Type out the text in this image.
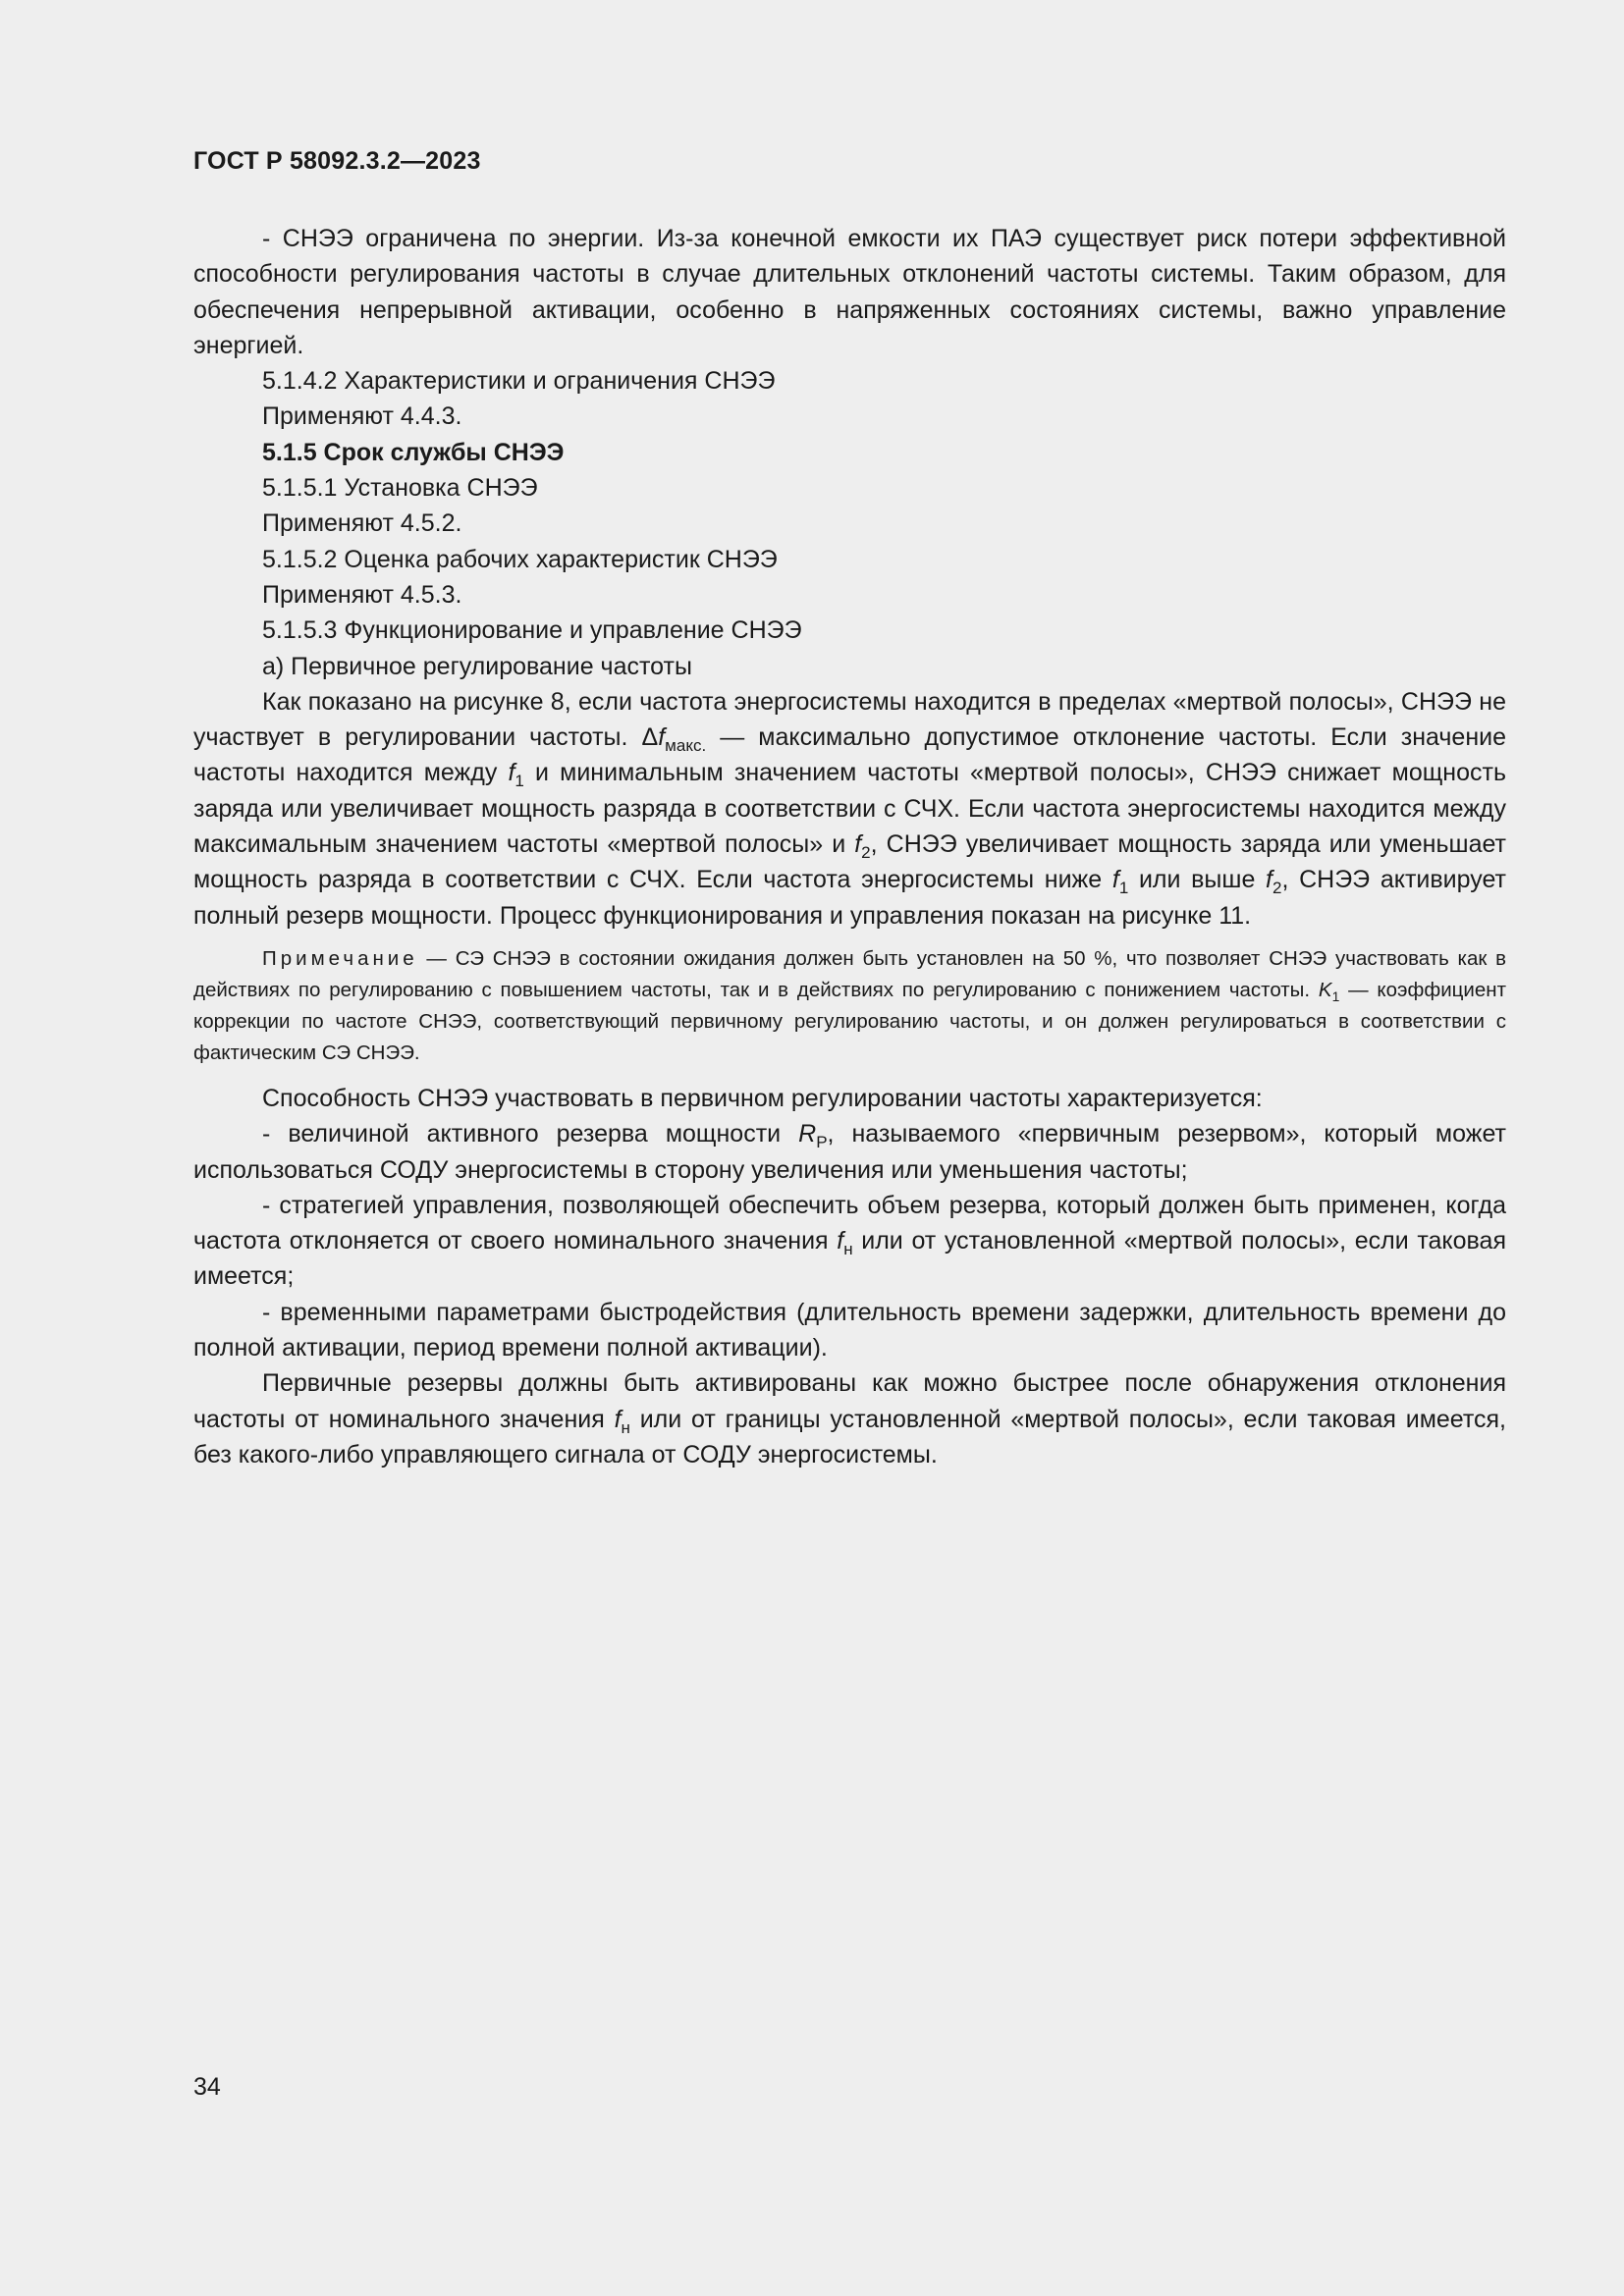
ГОСТ Р 58092.3.2—2023

- СНЭЭ ограничена по энергии. Из-за конечной емкости их ПАЭ существует риск потери эффективной способности регулирования частоты в случае длительных отклонений частоты системы. Таким образом, для обеспечения непрерывной активации, особенно в напряженных состояниях системы, важно управление энергией.

5.1.4.2 Характеристики и ограничения СНЭЭ

Применяют 4.4.3.

5.1.5 Срок службы СНЭЭ

5.1.5.1 Установка СНЭЭ

Применяют 4.5.2.

5.1.5.2 Оценка рабочих характеристик СНЭЭ

Применяют 4.5.3.

5.1.5.3 Функционирование и управление СНЭЭ

а) Первичное регулирование частоты

Как показано на рисунке 8, если частота энергосистемы находится в пределах «мертвой полосы», СНЭЭ не участвует в регулировании частоты. $\Delta f_{макс.}$ — максимально допустимое отклонение частоты. Если значение частоты находится между $f_1$ и минимальным значением частоты «мертвой полосы», СНЭЭ снижает мощность заряда или увеличивает мощность разряда в соответствии с СЧХ. Если частота энергосистемы находится между максимальным значением частоты «мертвой полосы» и $f_2$, СНЭЭ увеличивает мощность заряда или уменьшает мощность разряда в соответствии с СЧХ. Если частота энергосистемы ниже $f_1$ или выше $f_2$, СНЭЭ активирует полный резерв мощности. Процесс функционирования и управления показан на рисунке 11.

Примечание — СЭ СНЭЭ в состоянии ожидания должен быть установлен на 50 %, что позволяет СНЭЭ участвовать как в действиях по регулированию с повышением частоты, так и в действиях по регулированию с понижением частоты. $K_1$ — коэффициент коррекции по частоте СНЭЭ, соответствующий первичному регулированию частоты, и он должен регулироваться в соответствии с фактическим СЭ СНЭЭ.

Способность СНЭЭ участвовать в первичном регулировании частоты характеризуется:

- величиной активного резерва мощности $R_P$, называемого «первичным резервом», который может использоваться СОДУ энергосистемы в сторону увеличения или уменьшения частоты;

- стратегией управления, позволяющей обеспечить объем резерва, который должен быть применен, когда частота отклоняется от своего номинального значения $f_н$ или от установленной «мертвой полосы», если таковая имеется;

- временными параметрами быстродействия (длительность времени задержки, длительность времени до полной активации, период времени полной активации).

Первичные резервы должны быть активированы как можно быстрее после обнаружения отклонения частоты от номинального значения $f_н$ или от границы установленной «мертвой полосы», если таковая имеется, без какого-либо управляющего сигнала от СОДУ энергосистемы.

34
